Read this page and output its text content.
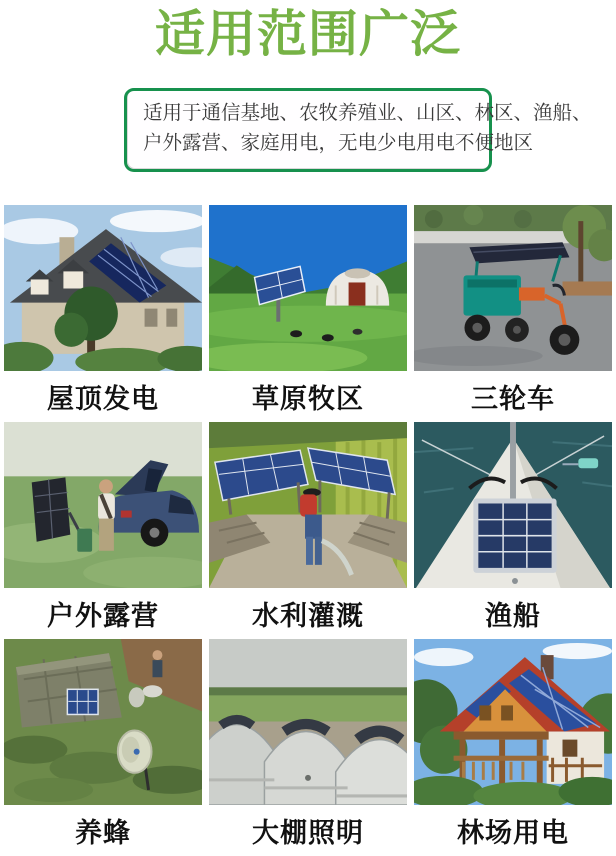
适用范围广泛

适用于通信基地、农牧养殖业、山区、林区、渔船、

户外露营、家庭用电，无电少电用电不便地区

屋顶发电	草原牧区	三轮车
户外露营	水利灌溉	渔船
养蜂	大棚照明	林场用电
